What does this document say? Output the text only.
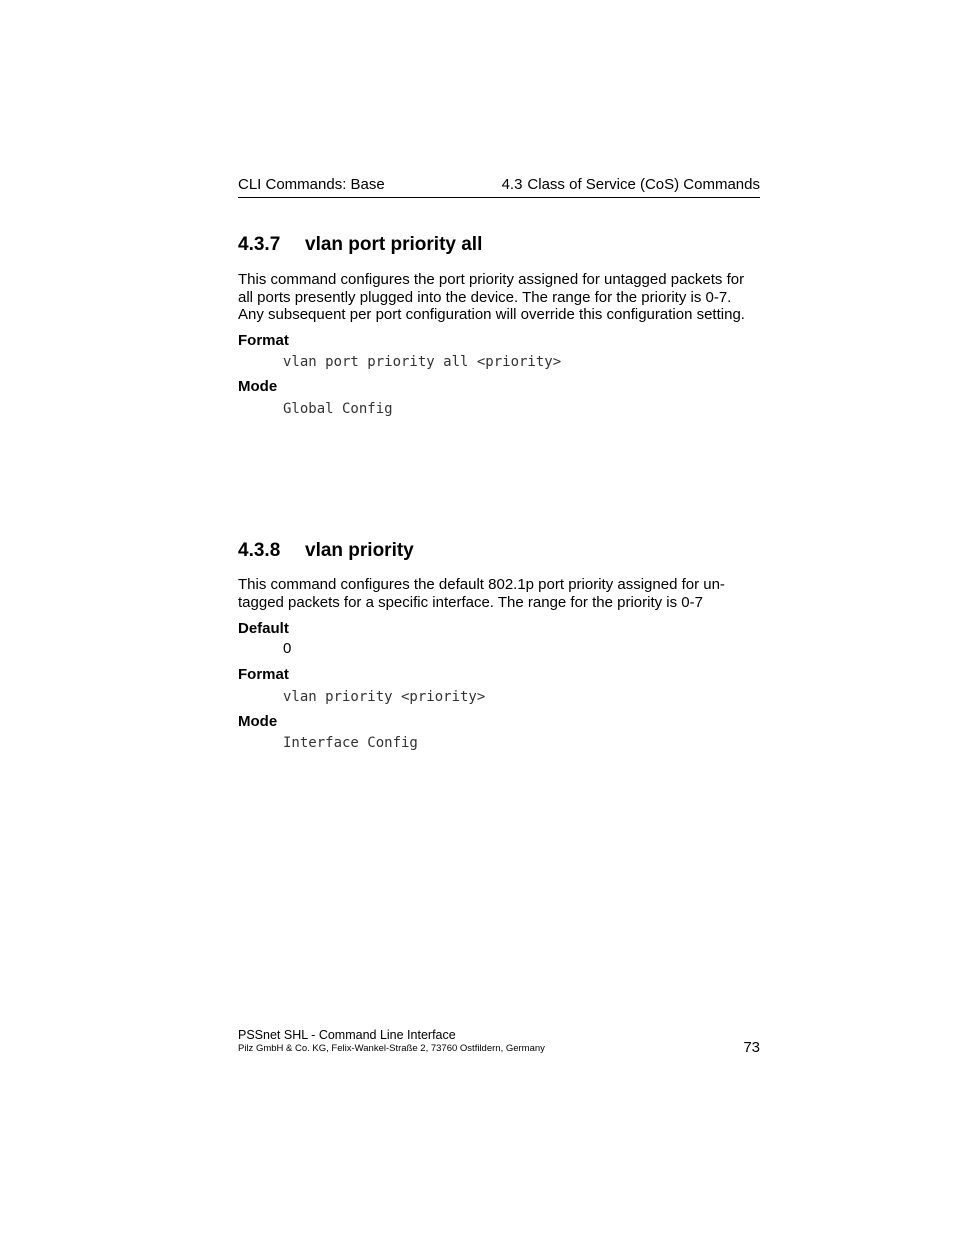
CLI Commands: Base	4.3 Class of Service (CoS) Commands
4.3.7 vlan port priority all
This command configures the port priority assigned for untagged packets for
all ports presently plugged into the device. The range for the priority is 0-7.
Any subsequent per port configuration will override this configuration setting.
Format
vlan port priority all <priority>
Mode
Global Config
4.3.8 vlan priority
This command configures the default 802.1p port priority assigned for un-
tagged packets for a specific interface. The range for the priority is 0-7
Default
0
Format
vlan priority <priority>
Mode
Interface Config
PSSnet SHL - Command Line Interface
Pilz GmbH & Co. KG, Felix-Wankel-Straße 2, 73760 Ostfildern, Germany	73
